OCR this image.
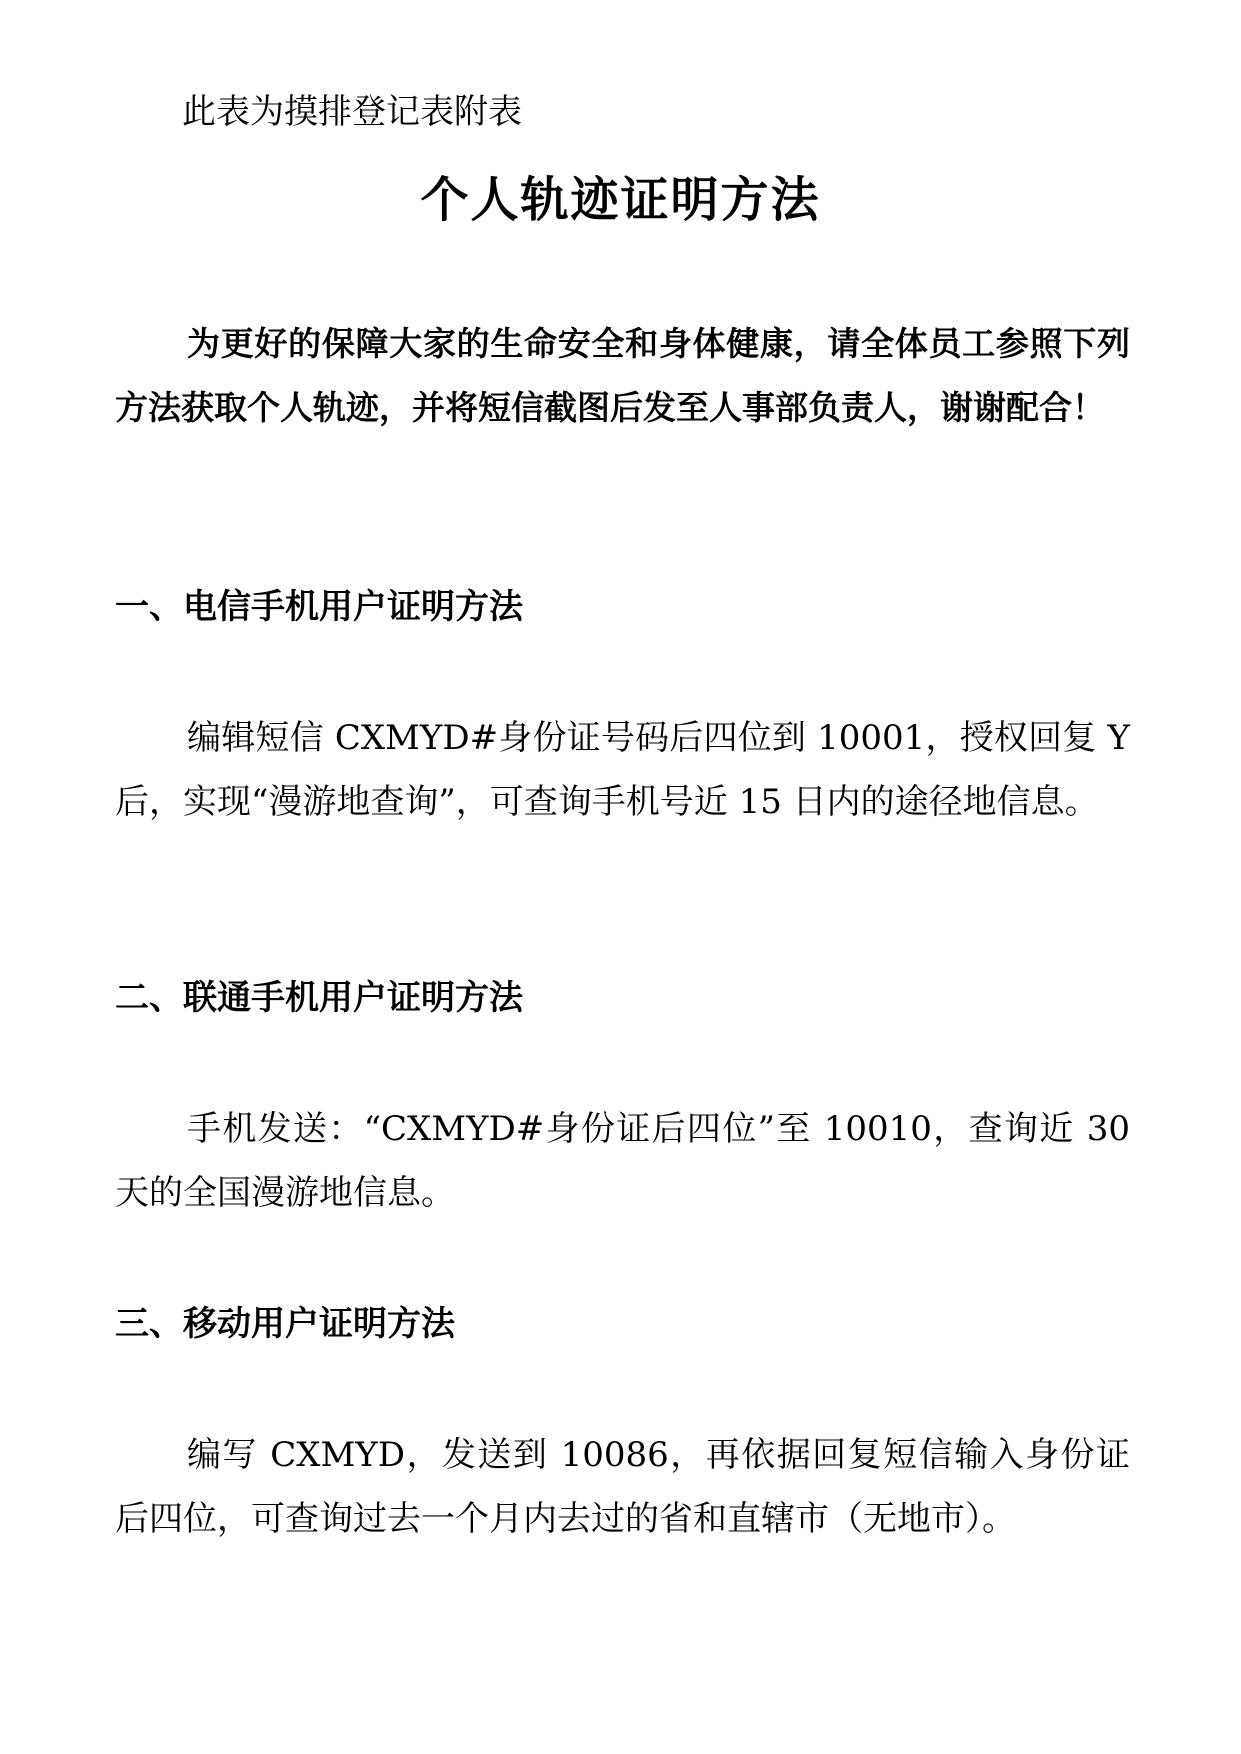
此表为摸排登记表附表
个人轨迹证明方法

为更好的保障大家的生命安全和身体健康，请全体员工参照下列方法获取个人轨迹，并将短信截图后发至人事部负责人，谢谢配合！

一、电信手机用户证明方法

编辑短信 CXMYD#身份证号码后四位到 10001，授权回复 Y 后，实现“漫游地查询”，可查询手机号近 15 日内的途径地信息。

二、联通手机用户证明方法

手机发送：“CXMYD#身份证后四位”至 10010，查询近 30 天的全国漫游地信息。

三、移动用户证明方法

编写 CXMYD，发送到 10086，再依据回复短信输入身份证后四位，可查询过去一个月内去过的省和直辖市（无地市）。
